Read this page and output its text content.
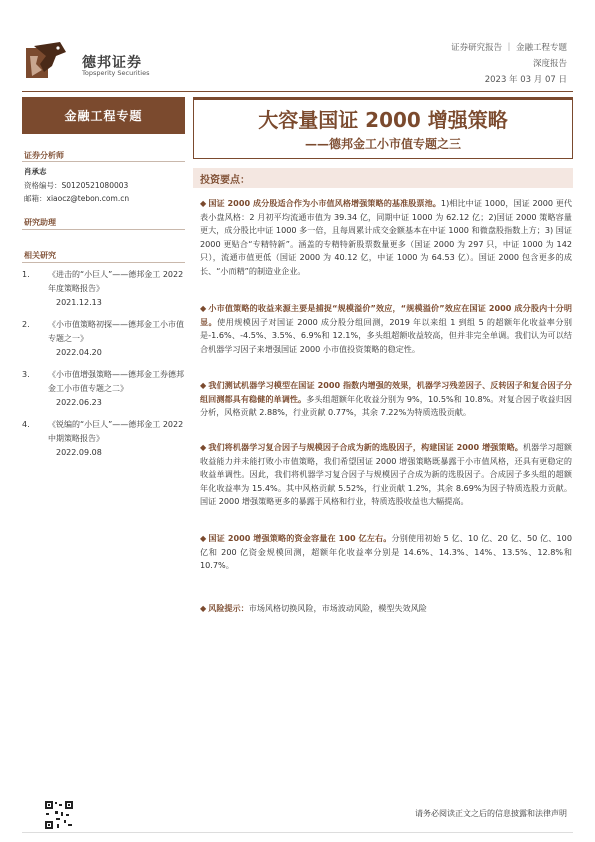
德邦证券
Topsperity Securities
证券研究报告 ｜ 金融工程专题
深度报告
2023 年 03 月 07 日
金融工程专题	大容量国证 2000 增强策略
——德邦金工小市值专题之三
证券分析师
肖承志
资格编号：S0120521080003
邮箱：xiaocz@tebon.com.cn
研究助理
相关研究
1. 《进击的“小巨人”——德邦金工 2022 年度策略报告》
2021.12.13
2. 《小市值策略初探——德邦金工小市值专题之一》
2022.04.20
3. 《小市值增强策略——德邦金工券德邦金工小市值专题之二》
2022.06.23
4. 《锐编的“小巨人”——德邦金工 2022 中期策略报告》
2022.09.08
投资要点：
◆ 国证 2000 成分股适合作为小市值风格增强策略的基准股票池。1)相比中证 1000，国证 2000 更代表小盘风格：2 月初平均流通市值为 39.34 亿，同期中证 1000 为 62.12 亿；2)国证 2000 策略容量更大，成分股比中证 1000 多一倍，且每周累计成交金额基本在中证 1000 和微盘股指数上方；3) 国证 2000 更贴合“专精特新”。涵盖的专精特新股票数量更多（国证 2000 为 297 只，中证 1000 为 142 只），流通市值更低（国证 2000 为 40.12 亿，中证 1000 为 64.53 亿）。国证 2000 包含更多的成长、“小而精”的制造业企业。
◆ 小市值策略的收益来源主要是捕捉“规模溢价”效应，“规模溢价”效应在国证 2000 成分股内十分明显。使用规模因子对国证 2000 成分股分组回测，2019 年以来组 1 到组 5 的超额年化收益率分别是-1.6%、-4.5%、3.5%、6.9%和 12.1%，多头组超额收益较高，但并非完全单调。我们认为可以结合机器学习因子来增强国证 2000 小市值投资策略的稳定性。
◆ 我们测试机器学习模型在国证 2000 指数内增强的效果，机器学习残差因子、反转因子和复合因子分组回测都具有稳健的单调性。多头组超额年化收益分别为 9%，10.5%和 10.8%。对复合因子收益归因分析，风格贡献 2.88%，行业贡献 0.77%，其余 7.22%为特质选股贡献。
◆ 我们将机器学习复合因子与规模因子合成为新的选股因子，构建国证 2000 增强策略。机器学习超额收益能力并未能打败小市值策略，我们希望国证 2000 增强策略既暴露于小市值风格，还具有更稳定的收益单调性。因此，我们将机器学习复合因子与规模因子合成为新的选股因子。合成因子多头组的超额年化收益率为 15.4%。其中风格贡献 5.52%，行业贡献 1.2%，其余 8.69%为因子特质选股力贡献。国证 2000 增强策略更多的暴露于风格和行业，特质选股收益也大幅提高。
◆ 国证 2000 增强策略的资金容量在 100 亿左右。分别使用初始 5 亿、10 亿、20 亿、50 亿、100 亿和 200 亿资金规模回测，超额年化收益率分别是 14.6%、14.3%、14%、13.5%、12.8%和 10.7%。
◆ 风险提示：市场风格切换风险，市场波动风险，模型失效风险
请务必阅读正文之后的信息披露和法律声明
